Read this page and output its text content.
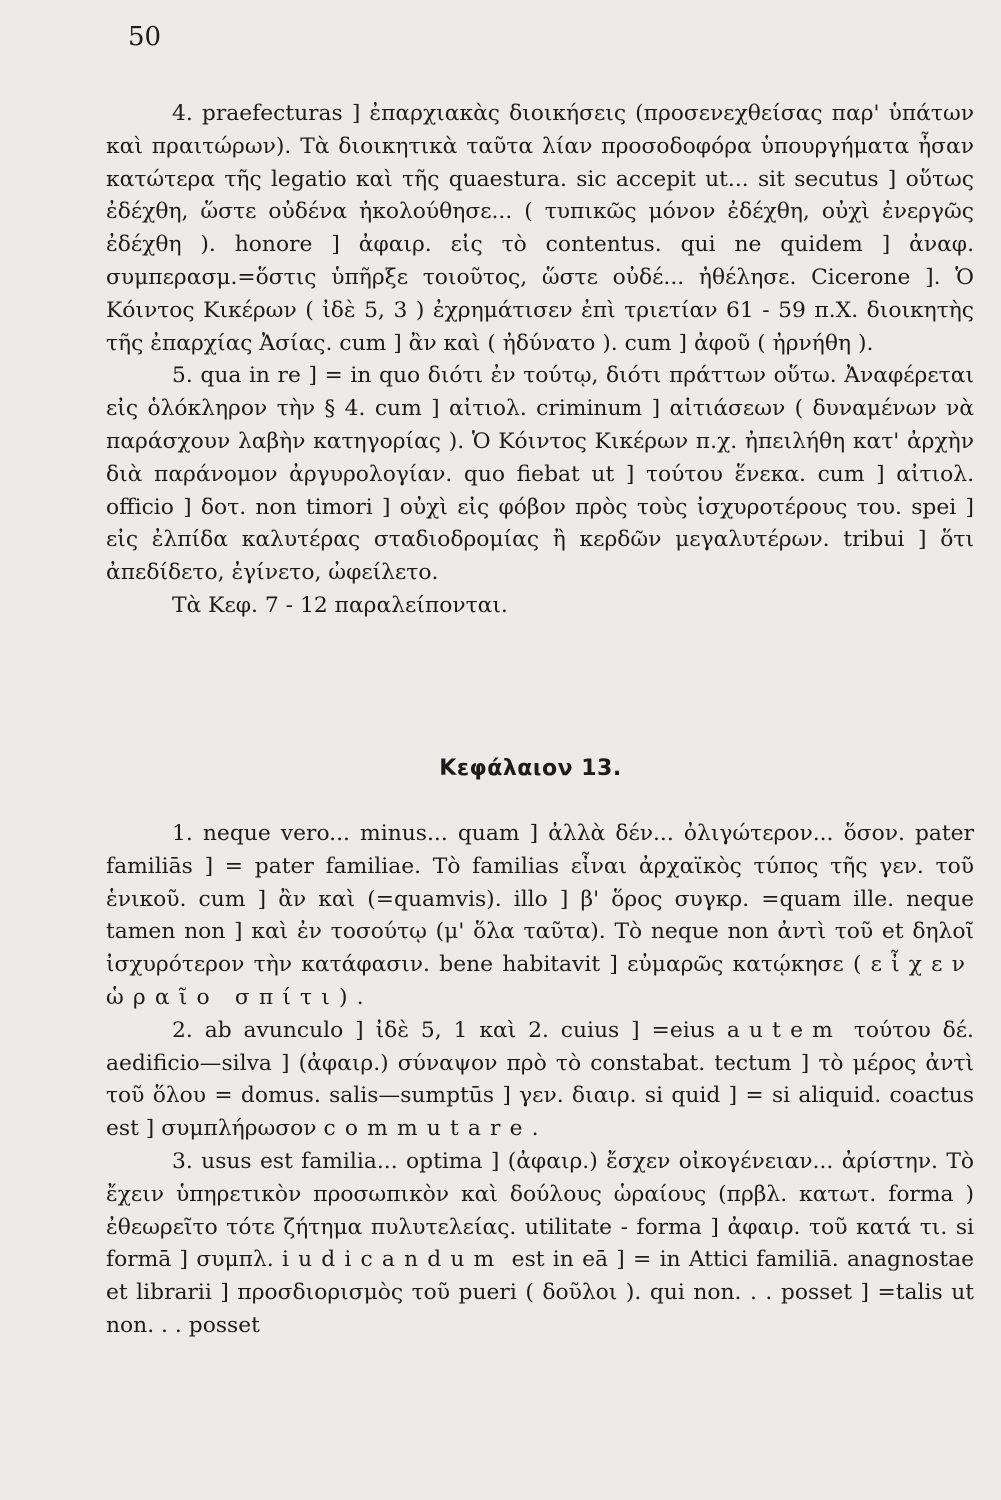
50

4. praefecturas ] ἐπαρχιακὰς διοικήσεις (προσενεχθείσας παρ' ὑπάτων καὶ πραιτώρων). Τὰ διοικητικὰ ταῦτα λίαν προσοδοφόρα ὑπουργήματα ἦσαν κατώτερα τῆς legatio καὶ τῆς quaestura. sic accepit ut... sit secutus ] οὕτως ἐδέχθη, ὥστε οὐδένα ἠκολούθησε... ( τυπικῶς μόνον ἐδέχθη, οὐχὶ ἐνεργῶς ἐδέχθη ). honore ] ἀφαιρ. εἰς τὸ contentus. qui ne quidem ] ἀναφ. συμπερασμ.=ὅστις ὑπῆρξε τοιοῦτος, ὥστε οὐδέ... ἠθέλησε. Cicerone ]. Ὁ Κόιντος Κικέρων ( ἰδὲ 5, 3 ) ἐχρημάτισεν ἐπὶ τριετίαν 61 - 59 π.Χ. διοικητὴς τῆς ἐπαρχίας Ἀσίας. cum ] ἂν καὶ ( ἠδύνατο ). cum ] ἀφοῦ ( ἠρνήθη ).

5. qua in re ] = in quo διότι ἐν τούτῳ, διότι πράττων οὕτω. Ἀναφέρεται εἰς ὁλόκληρον τὴν § 4. cum ] αἰτιολ. criminum ] αἰτιάσεων ( δυναμένων νὰ παράσχουν λαβὴν κατηγορίας ). Ὁ Κόιντος Κικέρων π.χ. ἠπειλήθη κατ' ἀρχὴν διὰ παράνομον ἀργυρολογίαν. quo fiebat ut ] τούτου ἕνεκα. cum ] αἰτιολ. officio ] δοτ. non timori ] οὐχὶ εἰς φόβον πρὸς τοὺς ἰσχυροτέρους του. spei ] εἰς ἐλπίδα καλυτέρας σταδιοδρομίας ἢ κερδῶν μεγαλυτέρων. tribui ] ὅτι ἀπεδίδετο, ἐγίνετο, ὠφείλετο.

Τὰ Κεφ. 7 - 12 παραλείπονται.

Κεφάλαιον 13.

1. neque vero... minus... quam ] ἀλλὰ δέν... ὀλιγώτερον... ὅσον. pater familiās ] = pater familiae. Τὸ familias εἶναι ἀρχαϊκὸς τύπος τῆς γεν. τοῦ ἑνικοῦ. cum ] ἂν καὶ (=quamvis). illo ] β' ὅρος συγκρ. =quam ille. neque tamen non ] καὶ ἐν τοσούτῳ (μ' ὅλα ταῦτα). Τὸ neque non ἀντὶ τοῦ et δηλοῖ ἰσχυρότερον τὴν κατάφασιν. bene habitavit ] εὐμαρῶς κατῴκησε (εἶχεν ὡραῖο σπίτι).

2. ab avunculo ] ἰδὲ 5, 1 καὶ 2. cuius ] =eius autem τούτου δέ. aedificio—silva ] (ἀφαιρ.) σύναψον πρὸ τὸ constabat. tectum ] τὸ μέρος ἀντὶ τοῦ ὅλου = domus. salis—sumptūs ] γεν. διαιρ. si quid ] = si aliquid. coactus est ] συμπλήρωσον commutare.

3. usus est familia... optima ] (ἀφαιρ.) ἔσχεν οἰκογένειαν... ἀρίστην. Τὸ ἔχειν ὑπηρετικὸν προσωπικὸν καὶ δούλους ὡραίους (πρβλ. κατωτ. forma ) ἐθεωρεῖτο τότε ζήτημα πυλυτελείας. utilitate - forma ] ἀφαιρ. τοῦ κατά τι. si formā ] συμπλ. iudicandum est in eā ] = in Attici familiā. anagnostae et librarii ] προσδιορισμὸς τοῦ pueri ( δοῦλοι ). qui non. . . posset ] =talis ut non. . . posset
